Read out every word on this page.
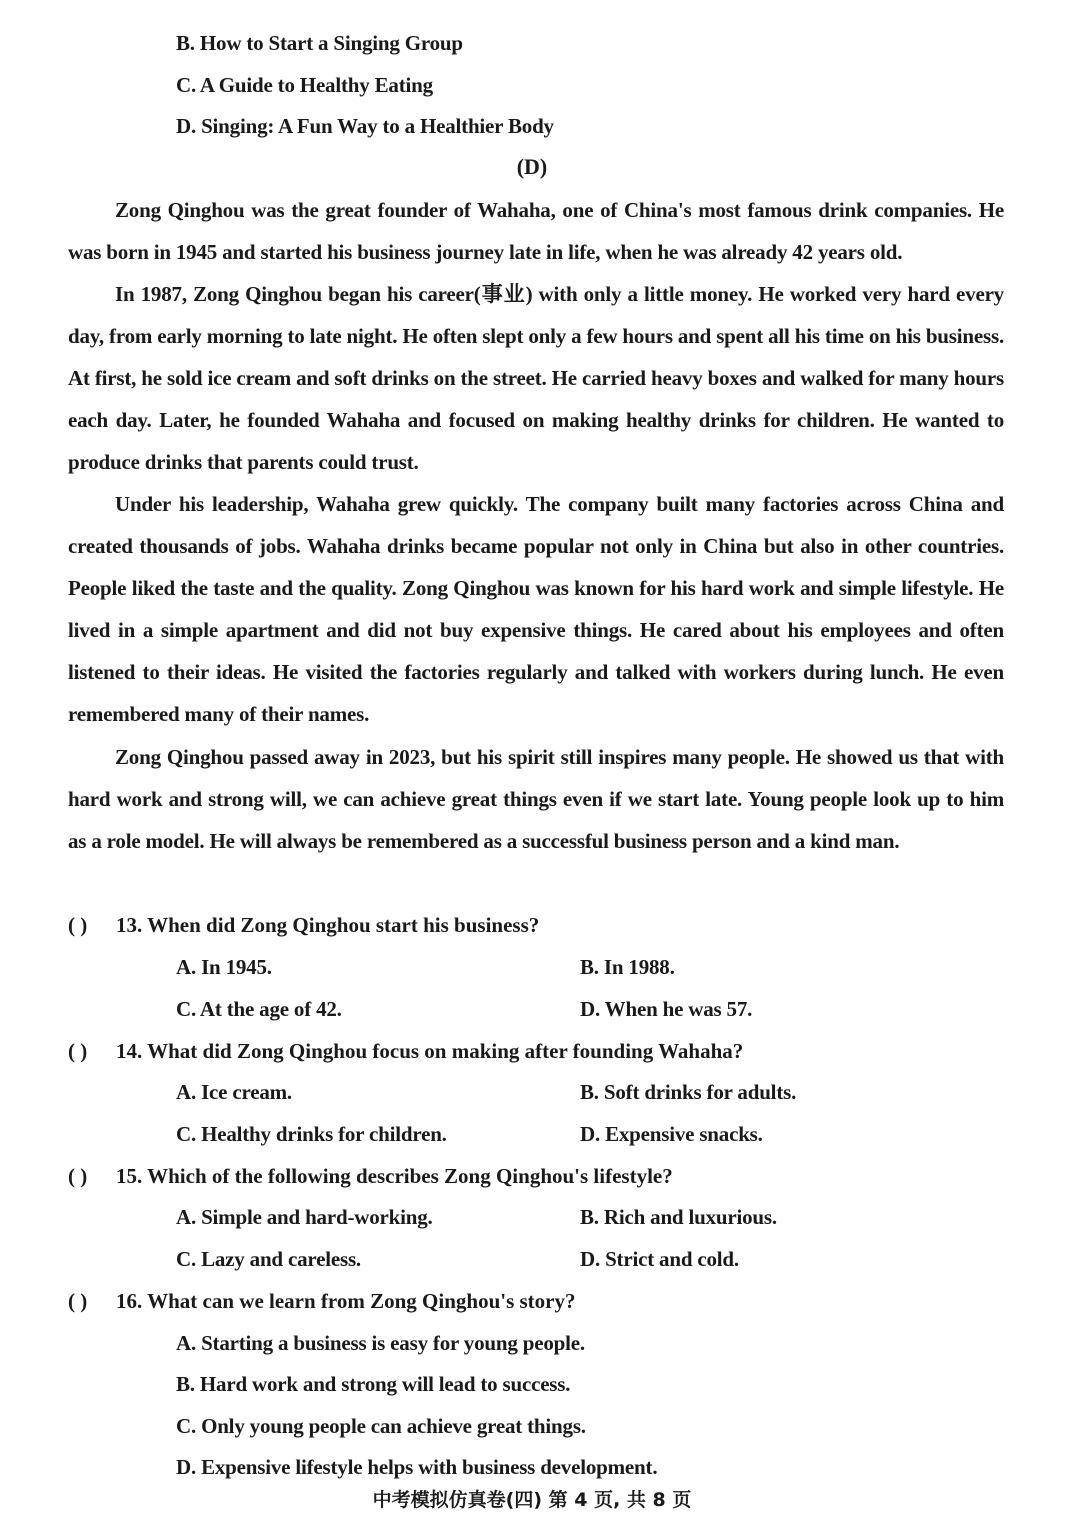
B. How to Start a Singing Group
C. A Guide to Healthy Eating
D. Singing: A Fun Way to a Healthier Body
(D)
Zong Qinghou was the great founder of Wahaha, one of China's most famous drink companies. He was born in 1945 and started his business journey late in life, when he was already 42 years old.
In 1987, Zong Qinghou began his career(事业) with only a little money. He worked very hard every day, from early morning to late night. He often slept only a few hours and spent all his time on his business. At first, he sold ice cream and soft drinks on the street. He carried heavy boxes and walked for many hours each day. Later, he founded Wahaha and focused on making healthy drinks for children. He wanted to produce drinks that parents could trust.
Under his leadership, Wahaha grew quickly. The company built many factories across China and created thousands of jobs. Wahaha drinks became popular not only in China but also in other countries. People liked the taste and the quality. Zong Qinghou was known for his hard work and simple lifestyle. He lived in a simple apartment and did not buy expensive things. He cared about his employees and often listened to their ideas. He visited the factories regularly and talked with workers during lunch. He even remembered many of their names.
Zong Qinghou passed away in 2023, but his spirit still inspires many people. He showed us that with hard work and strong will, we can achieve great things even if we start late. Young people look up to him as a role model. He will always be remembered as a successful business person and a kind man.
( ) 13. When did Zong Qinghou start his business?
A. In 1945.	B. In 1988.
C. At the age of 42.	D. When he was 57.
( ) 14. What did Zong Qinghou focus on making after founding Wahaha?
A. Ice cream.	B. Soft drinks for adults.
C. Healthy drinks for children.	D. Expensive snacks.
( ) 15. Which of the following describes Zong Qinghou's lifestyle?
A. Simple and hard-working.	B. Rich and luxurious.
C. Lazy and careless.	D. Strict and cold.
( ) 16. What can we learn from Zong Qinghou's story?
A. Starting a business is easy for young people.
B. Hard work and strong will lead to success.
C. Only young people can achieve great things.
D. Expensive lifestyle helps with business development.
中考模拟仿真卷(四) 第 4 页, 共 8 页
